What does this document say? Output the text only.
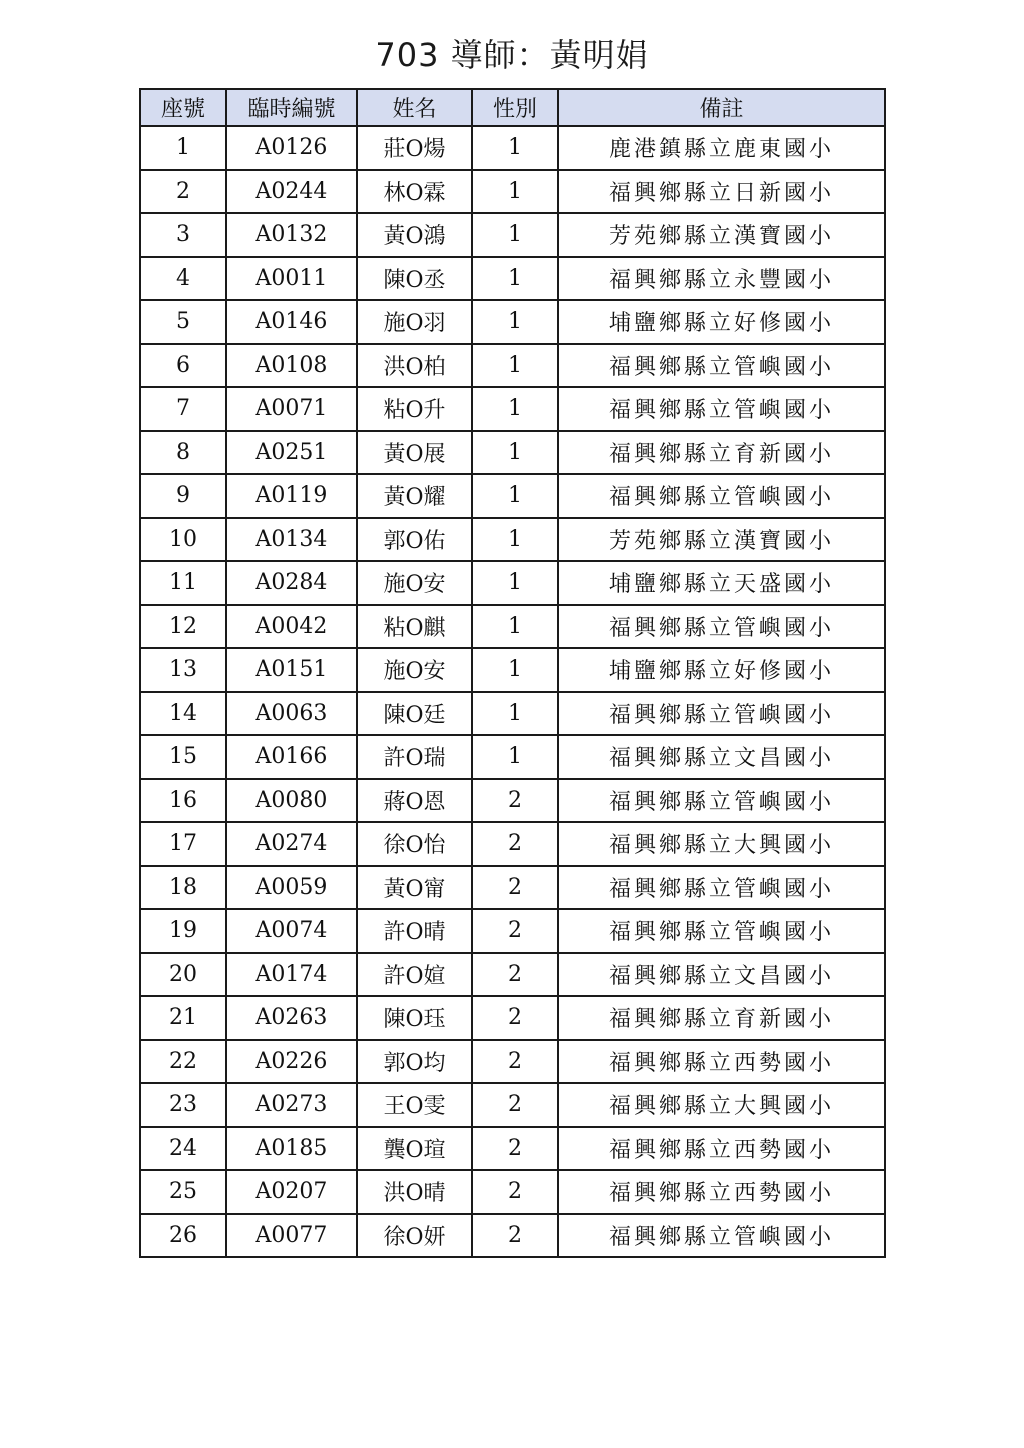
703 導師：黃明娟
座號	臨時編號	姓名	性別	備註
1	A0126	莊O煬	1	鹿港鎮縣立鹿東國小
2	A0244	林O霖	1	福興鄉縣立日新國小
3	A0132	黃O鴻	1	芳苑鄉縣立漢寶國小
4	A0011	陳O丞	1	福興鄉縣立永豐國小
5	A0146	施O羽	1	埔鹽鄉縣立好修國小
6	A0108	洪O柏	1	福興鄉縣立管嶼國小
7	A0071	粘O升	1	福興鄉縣立管嶼國小
8	A0251	黃O展	1	福興鄉縣立育新國小
9	A0119	黃O耀	1	福興鄉縣立管嶼國小
10	A0134	郭O佑	1	芳苑鄉縣立漢寶國小
11	A0284	施O安	1	埔鹽鄉縣立天盛國小
12	A0042	粘O麒	1	福興鄉縣立管嶼國小
13	A0151	施O安	1	埔鹽鄉縣立好修國小
14	A0063	陳O廷	1	福興鄉縣立管嶼國小
15	A0166	許O瑞	1	福興鄉縣立文昌國小
16	A0080	蔣O恩	2	福興鄉縣立管嶼國小
17	A0274	徐O怡	2	福興鄉縣立大興國小
18	A0059	黃O甯	2	福興鄉縣立管嶼國小
19	A0074	許O晴	2	福興鄉縣立管嶼國小
20	A0174	許O媗	2	福興鄉縣立文昌國小
21	A0263	陳O珏	2	福興鄉縣立育新國小
22	A0226	郭O均	2	福興鄉縣立西勢國小
23	A0273	王O雯	2	福興鄉縣立大興國小
24	A0185	龔O瑄	2	福興鄉縣立西勢國小
25	A0207	洪O晴	2	福興鄉縣立西勢國小
26	A0077	徐O妍	2	福興鄉縣立管嶼國小
